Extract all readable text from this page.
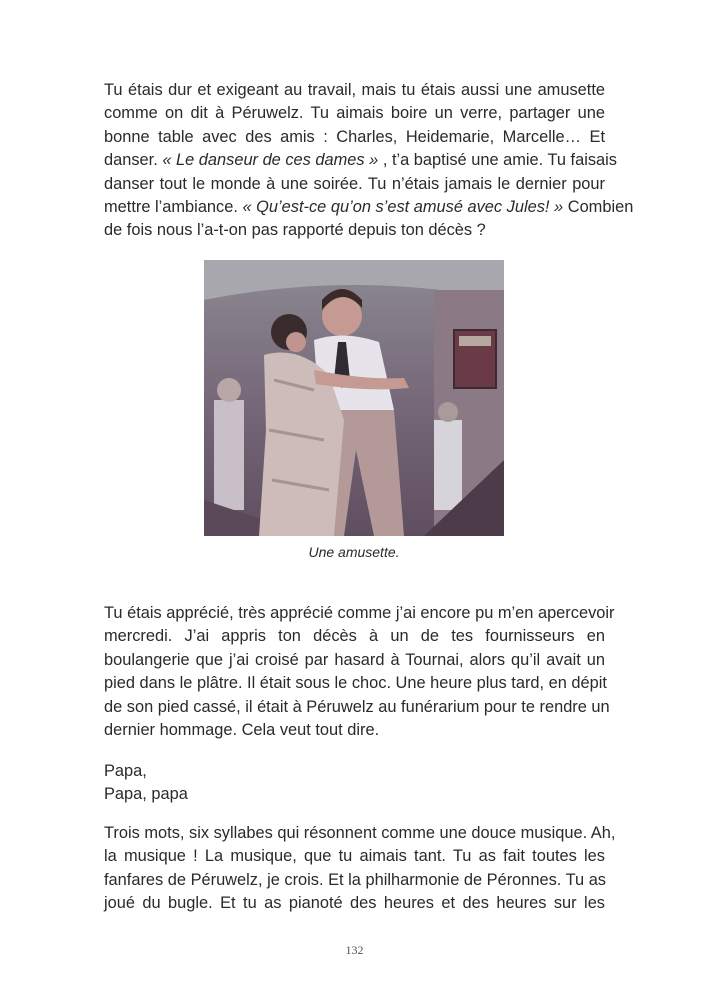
Tu étais dur et exigeant au travail, mais tu étais aussi une amusette
comme on dit à Péruwelz. Tu aimais boire un verre, partager une
bonne table avec des amis : Charles, Heidemarie, Marcelle… Et
danser. « Le danseur de ces dames » , t’a baptisé une amie. Tu faisais
danser tout le monde à une soirée. Tu n’étais jamais le dernier pour
mettre l’ambiance. « Qu’est-ce qu’on s’est amusé avec Jules! » Combien
de fois nous l’a-t-on pas rapporté depuis ton décès ?

Une amusette.

Tu étais apprécié, très apprécié comme j’ai encore pu m’en apercevoir
mercredi. J’ai appris ton décès à un de tes fournisseurs en
boulangerie que j’ai croisé par hasard à Tournai, alors qu’il avait un
pied dans le plâtre. Il était sous le choc. Une heure plus tard, en dépit
de son pied cassé, il était à Péruwelz au funérarium pour te rendre un
dernier hommage. Cela veut tout dire.

Papa,
Papa, papa

Trois mots, six syllabes qui résonnent comme une douce musique. Ah,
la musique ! La musique, que tu aimais tant. Tu as fait toutes les
fanfares de Péruwelz, je crois. Et la philharmonie de Péronnes. Tu as
joué du bugle. Et tu as pianoté des heures et des heures sur les

132
